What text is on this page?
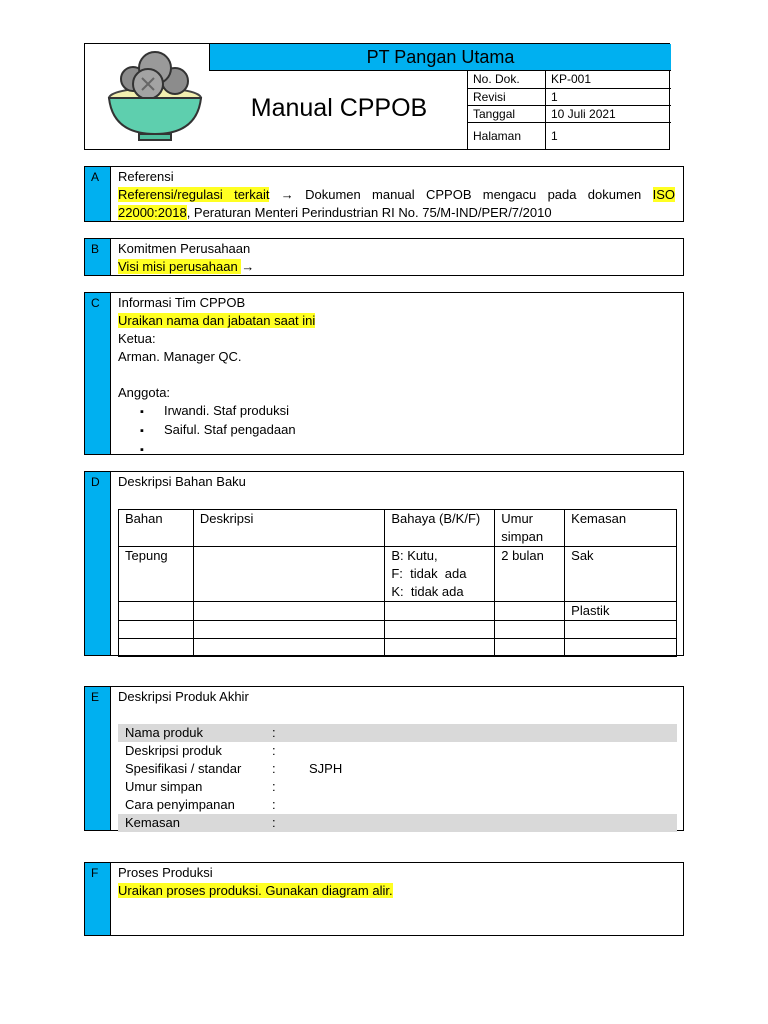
PT Pangan Utama
Manual CPPOB
No. Dok.	KP-001
Revisi	1
Tanggal	10 Juli 2021
Halaman	1
A	Referensi
Referensi/regulasi terkait → Dokumen manual CPPOB mengacu pada dokumen ISO 22000:2018, Peraturan Menteri Perindustrian RI No. 75/M-IND/PER/7/2010
B	Komitmen Perusahaan
Visi misi perusahaan →
C	Informasi Tim CPPOB
Uraikan nama dan jabatan saat ini
Ketua:
Arman. Manager QC.
Anggota:
▪ Irwandi. Staf produksi
▪ Saiful. Staf pengadaan
▪
D	Deskripsi Bahan Baku
Bahan	Deskripsi	Bahaya (B/K/F)	Umur simpan	Kemasan
Tepung		B: Kutu,
F:  tidak  ada
K:  tidak ada	2 bulan	Sak
				Plastik

E	Deskripsi Produk Akhir
Nama produk	:
Deskripsi produk	:
Spesifikasi / standar	:	SJPH
Umur simpan	:
Cara penyimpanan	:
Kemasan	:
F	Proses Produksi
Uraikan proses produksi. Gunakan diagram alir.
